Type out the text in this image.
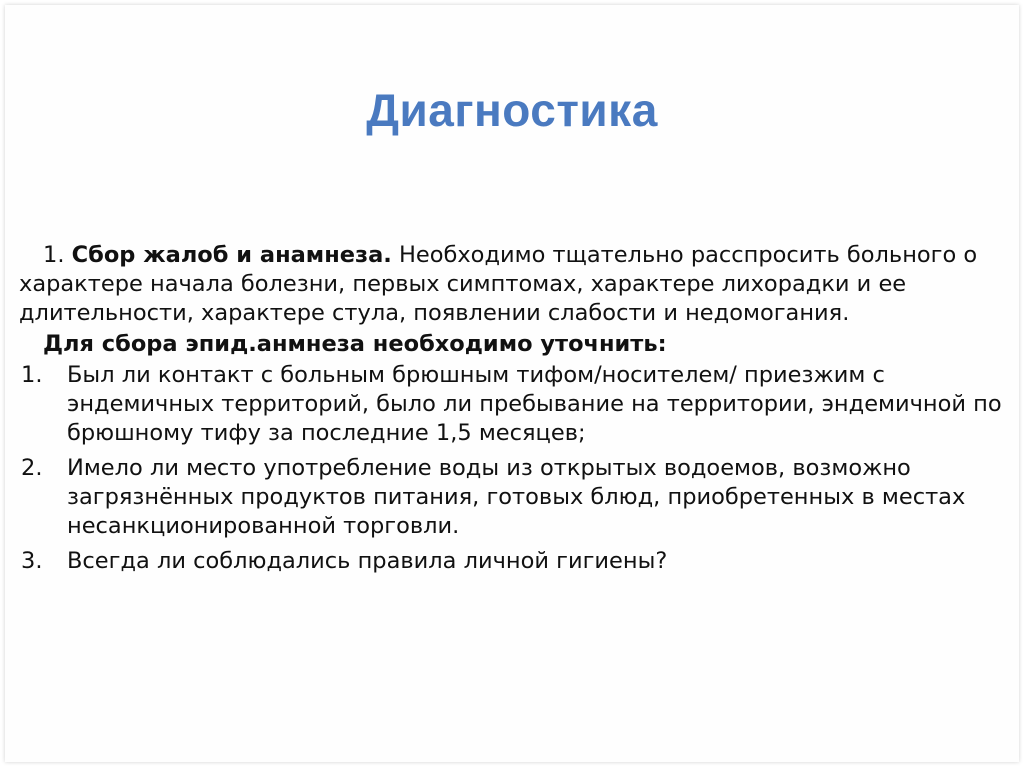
Диагностика

1. Сбор жалоб и анамнеза. Необходимо тщательно расспросить больного о характере начала болезни, первых симптомах, характере лихорадки и ее длительности, характере стула, появлении слабости и недомогания.

Для сбора эпид.анмнеза необходимо уточнить:
1. Был ли контакт с больным брюшным тифом/носителем/ приезжим с эндемичных территорий, было ли пребывание на территории, эндемичной по брюшному тифу за последние 1,5 месяцев;
2. Имело ли место употребление воды из открытых водоемов, возможно загрязнённых продуктов питания, готовых блюд, приобретенных в местах несанкционированной торговли.
3. Всегда ли соблюдались правила личной гигиены?
